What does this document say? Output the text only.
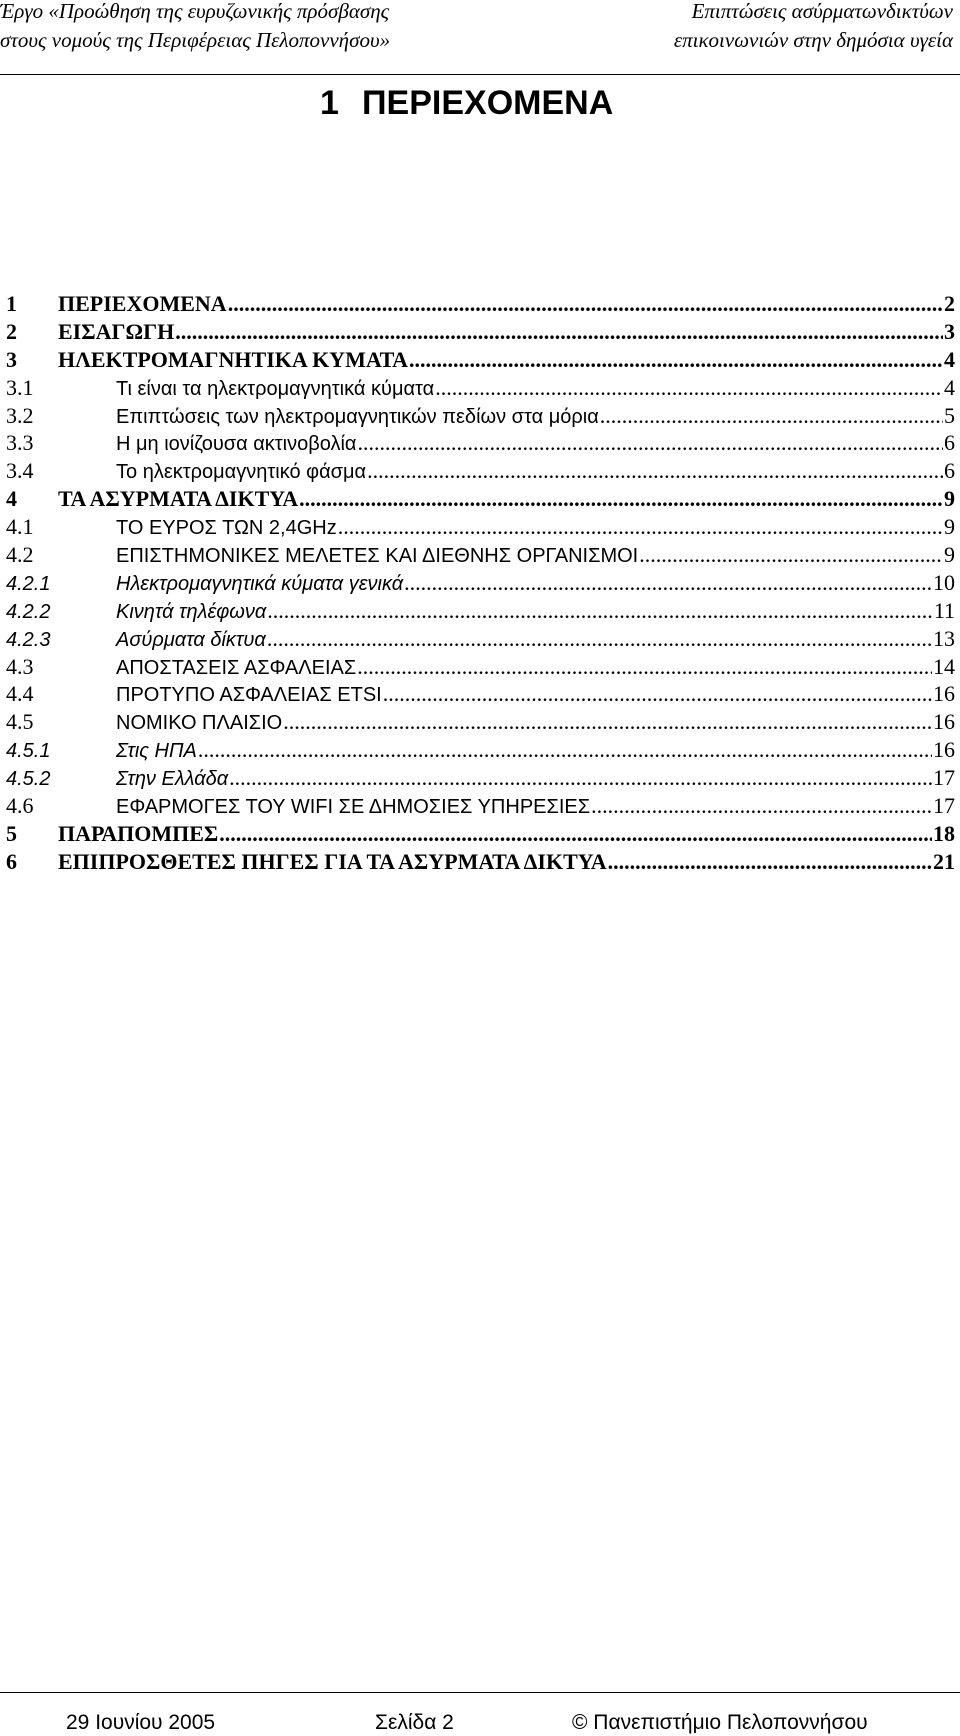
Έργο «Προώθηση της ευρυζωνικής πρόσβασης
στους νομούς της Περιφέρειας Πελοποννήσου»
Επιπτώσεις ασύρματωνδικτύων
επικοινωνιών στην δημόσια υγεία
1 ΠΕΡΙΕΧΟΜΕΝΑ
1	ΠΕΡΙΕΧΟΜΕΝΑ .....	2
2	ΕΙΣΑΓΩΓΗ .....	3
3	ΗΛΕΚΤΡΟΜΑΓΝΗΤΙΚΑ ΚΥΜΑΤΑ .....	4
3.1	Τι είναι τα ηλεκτρομαγνητικά κύματα .....	4
3.2	Επιπτώσεις των ηλεκτρομαγνητικών πεδίων στα μόρια .....	5
3.3	Η μη ιονίζουσα ακτινοβολία .....	6
3.4	Το ηλεκτρομαγνητικό φάσμα .....	6
4	ΤΑ ΑΣΥΡΜΑΤΑ ΔΙΚΤΥΑ .....	9
4.1	ΤΟ ΕΥΡΟΣ ΤΩΝ 2,4GHz .....	9
4.2	ΕΠΙΣΤΗΜΟΝΙΚΕΣ ΜΕΛΕΤΕΣ ΚΑΙ ΔΙΕΘΝΗΣ ΟΡΓΑΝΙΣΜΟΙ .....	9
4.2.1	Ηλεκτρομαγνητικά κύματα γενικά .....	10
4.2.2	Κινητά τηλέφωνα .....	11
4.2.3	Ασύρματα δίκτυα .....	13
4.3	ΑΠΟΣΤΑΣΕΙΣ ΑΣΦΑΛΕΙΑΣ .....	14
4.4	ΠΡΟΤΥΠΟ ΑΣΦΑΛΕΙΑΣ ETSI .....	16
4.5	ΝΟΜΙΚΟ ΠΛΑΙΣΙΟ .....	16
4.5.1	Στις ΗΠΑ .....	16
4.5.2	Στην Ελλάδα .....	17
4.6	ΕΦΑΡΜΟΓΕΣ ΤΟΥ WIFI ΣΕ ΔΗΜΟΣΙΕΣ ΥΠΗΡΕΣΙΕΣ .....	17
5	ΠΑΡΑΠΟΜΠΕΣ .....	18
6	ΕΠΙΠΡΟΣΘΕΤΕΣ ΠΗΓΕΣ ΓΙΑ ΤΑ ΑΣΥΡΜΑΤΑ ΔΙΚΤΥΑ .....	21
29 Ιουνίου 2005	Σελίδα 2	© Πανεπιστήμιο Πελοποννήσου
